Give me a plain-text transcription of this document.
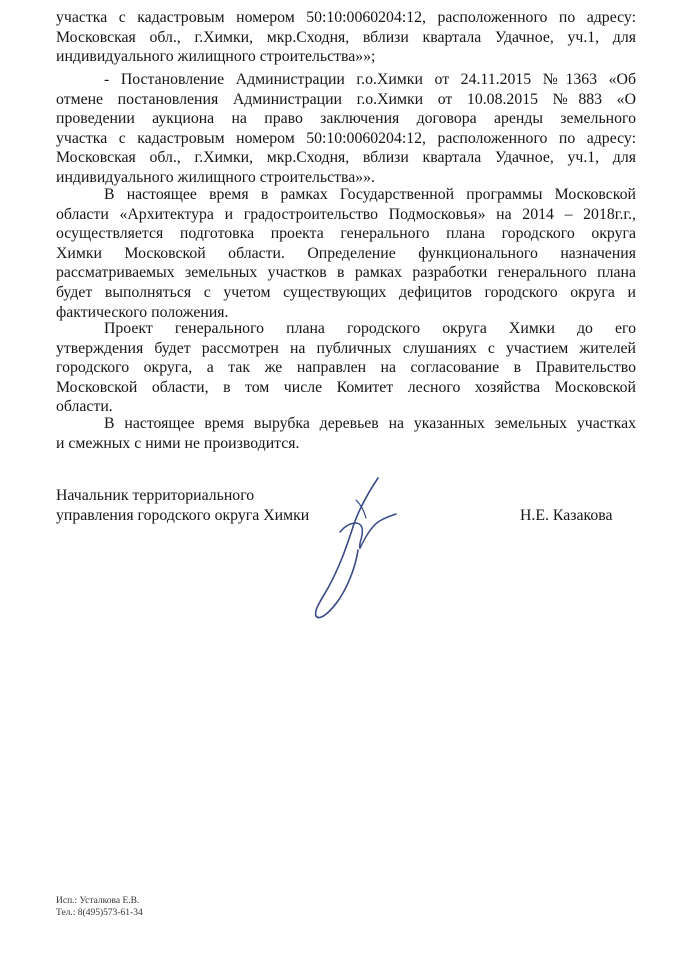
участка с кадастровым номером 50:10:0060204:12, расположенного по адресу:
Московская обл., г.Химки, мкр.Сходня, вблизи квартала Удачное, уч.1, для
индивидуального жилищного строительства»»;
- Постановление Администрации г.о.Химки от 24.11.2015 №1363 «Об
отмене постановления Администрации г.о.Химки от 10.08.2015 №883 «О
проведении аукциона на право заключения договора аренды земельного
участка с кадастровым номером 50:10:0060204:12, расположенного по адресу:
Московская обл., г.Химки, мкр.Сходня, вблизи квартала Удачное, уч.1, для
индивидуального жилищного строительства»».
В настоящее время в рамках Государственной программы Московской
области «Архитектура и градостроительство Подмосковья» на 2014 – 2018г.г.,
осуществляется подготовка проекта генерального плана городского округа
Химки Московской области. Определение функционального назначения
рассматриваемых земельных участков в рамках разработки генерального плана
будет выполняться с учетом существующих дефицитов городского округа и
фактического положения.
Проект генерального плана городского округа Химки до его
утверждения будет рассмотрен на публичных слушаниях с участием жителей
городского округа, а так же направлен на согласование в Правительство
Московской области, в том числе Комитет лесного хозяйства Московской
области.
В настоящее время вырубка деревьев на указанных земельных участках
и смежных с ними не производится.
Начальник территориального
управления городского округа Химки	Н.Е. Казакова
Исп.: Усталкова Е.В.
Тел.: 8(495)573-61-34
